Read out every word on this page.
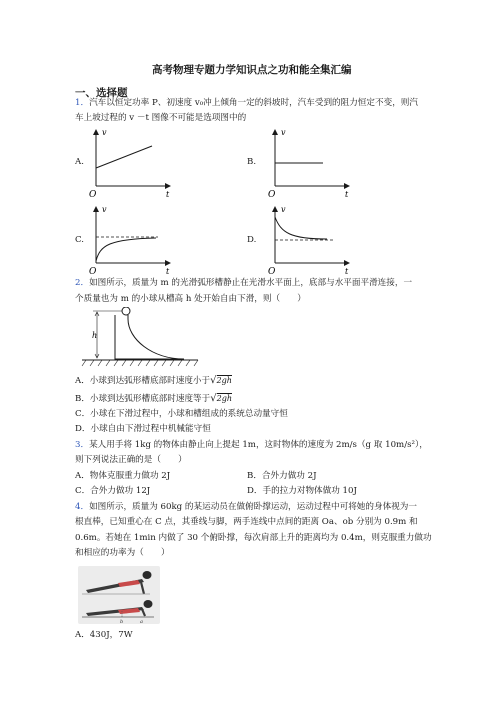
高考物理专题力学知识点之功和能全集汇编
一、选择题
1．汽车以恒定功率 P、初速度 v₀冲上倾角一定的斜坡时，汽车受到的阻力恒定不变，则汽
车上坡过程的 v －t 图像不可能是选项图中的
A.	B.
C.	D.
v
t
O
v
t
O
v
t
O
v
t
O
2．如图所示，质量为 m 的光滑弧形槽静止在光滑水平面上，底部与水平面平滑连接，一
个质量也为 m 的小球从槽高 h 处开始自由下滑，则（　　）
h
A．小球到达弧形槽底部时速度小于√2gh
B．小球到达弧形槽底部时速度等于√2gh
C．小球在下滑过程中，小球和槽组成的系统总动量守恒
D．小球自由下滑过程中机械能守恒
3．某人用手将 1kg 的物体由静止向上提起 1m，这时物体的速度为 2m/s（g 取 10m/s²），
则下列说法正确的是（　　）
A．物体克服重力做功 2J	B．合外力做功 2J
C．合外力做功 12J	D．手的拉力对物体做功 10J
4．如图所示，质量为 60kg 的某运动员在做俯卧撑运动，运动过程中可将她的身体视为一
根直棒，已知重心在 C 点，其垂线与脚，两手连线中点间的距离 Oa、ob 分别为 0.9m 和
0.6m。若她在 1min 内做了 30 个俯卧撑，每次肩部上升的距离均为 0.4m，则克服重力做功
和相应的功率为（　　）
b	a
A．430J，7W
